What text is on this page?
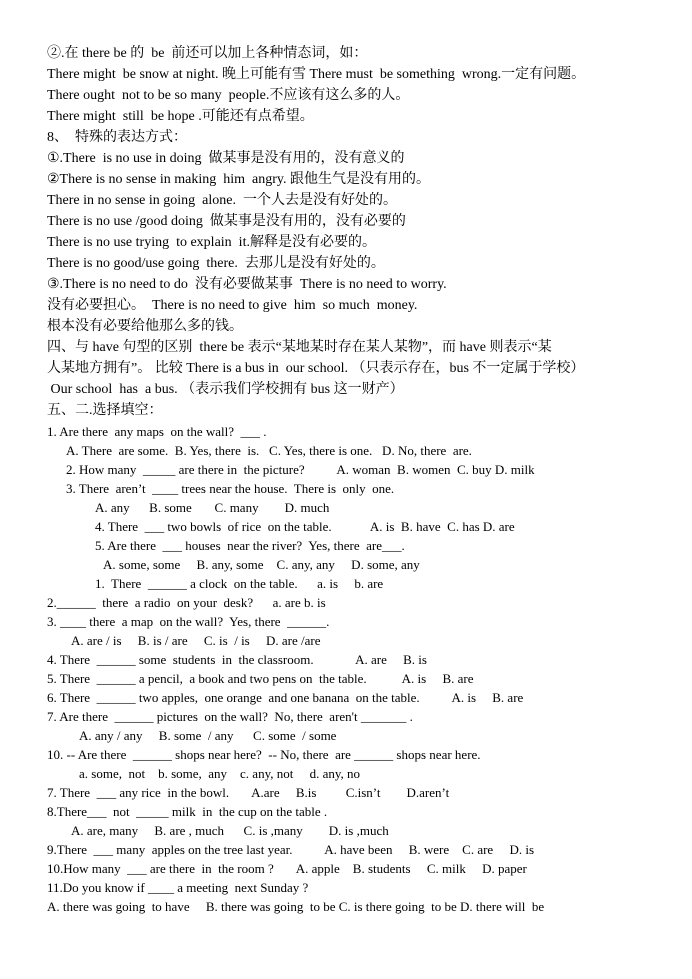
②.在 there be 的  be  前还可以加上各种情态词，如：
There might  be snow at night. 晚上可能有雪 There must  be something  wrong.一定有问题。
There ought  not to be so many  people.不应该有这么多的人。
There might  still  be hope .可能还有点希望。
8、  特殊的表达方式：
①.There  is no use in doing  做某事是没有用的，没有意义的
②There is no sense in making  him  angry. 跟他生气是没有用的。
There in no sense in going  alone.  一个人去是没有好处的。
There is no use /good doing  做某事是没有用的，没有必要的
There is no use trying  to explain  it.解释是没有必要的。
There is no good/use going  there.  去那儿是没有好处的。
③.There is no need to do  没有必要做某事  There is no need to worry.
没有必要担心。  There is no need to give  him  so much  money.
根本没有必要给他那么多的钱。
四、与 have 句型的区别  there be 表示“某地某时存在某人某物”，而 have 则表示“某
人某地方拥有”。 比较 There is a bus in  our school. （只表示存在，bus 不一定属于学校）
Our school  has  a bus. （表示我们学校拥有 bus 这一财产）
五、二.选择填空：
1. Are there  any maps  on the wall?  ___ .
A. There  are some.  B. Yes, there  is.   C. Yes, there is one.   D. No, there  are.
2. How many  _____ are there in  the picture?          A. woman  B. women  C. buy D. milk
3. There  aren’t  ____ trees near the house.  There is  only  one.
A. any      B. some       C. many        D. much
4. There  ___ two bowls  of rice  on the table.            A. is  B. have  C. has D. are
5. Are there  ___ houses  near the river?  Yes, there  are___.
A. some, some     B. any, some    C. any, any     D. some, any
1.  There  ______ a clock  on the table.      a. is     b. are
2.______  there  a radio  on your  desk?      a. are b. is
3. ____ there  a map  on the wall?  Yes, there  ______.
A. are / is     B. is / are     C. is  / is     D. are /are
4. There  ______ some  students  in  the classroom.             A. are     B. is
5. There  ______ a pencil,  a book and two pens on  the table.           A. is     B. are
6. There  ______ two apples,  one orange  and one banana  on the table.          A. is     B. are
7. Are there  ______ pictures  on the wall?  No, there  aren't _______ .
A. any / any     B. some  / any      C. some  / some
10. -- Are there  ______ shops near here?  -- No, there  are ______ shops near here.
a. some,  not    b. some,  any    c. any, not     d. any, no
7. There  ___ any rice  in the bowl.       A.are     B.is         C.isn’t        D.aren’t
8.There___  not  _____ milk  in  the cup on the table .
A. are, many     B. are , much      C. is ,many        D. is ,much
9.There  ___ many  apples on the tree last year.          A. have been     B. were    C. are     D. is
10.How many  ___ are there  in  the room ?       A. apple    B. students     C. milk     D. paper
11.Do you know if ____ a meeting  next Sunday ?
A. there was going  to have     B. there was going  to be C. is there going  to be D. there will  be
